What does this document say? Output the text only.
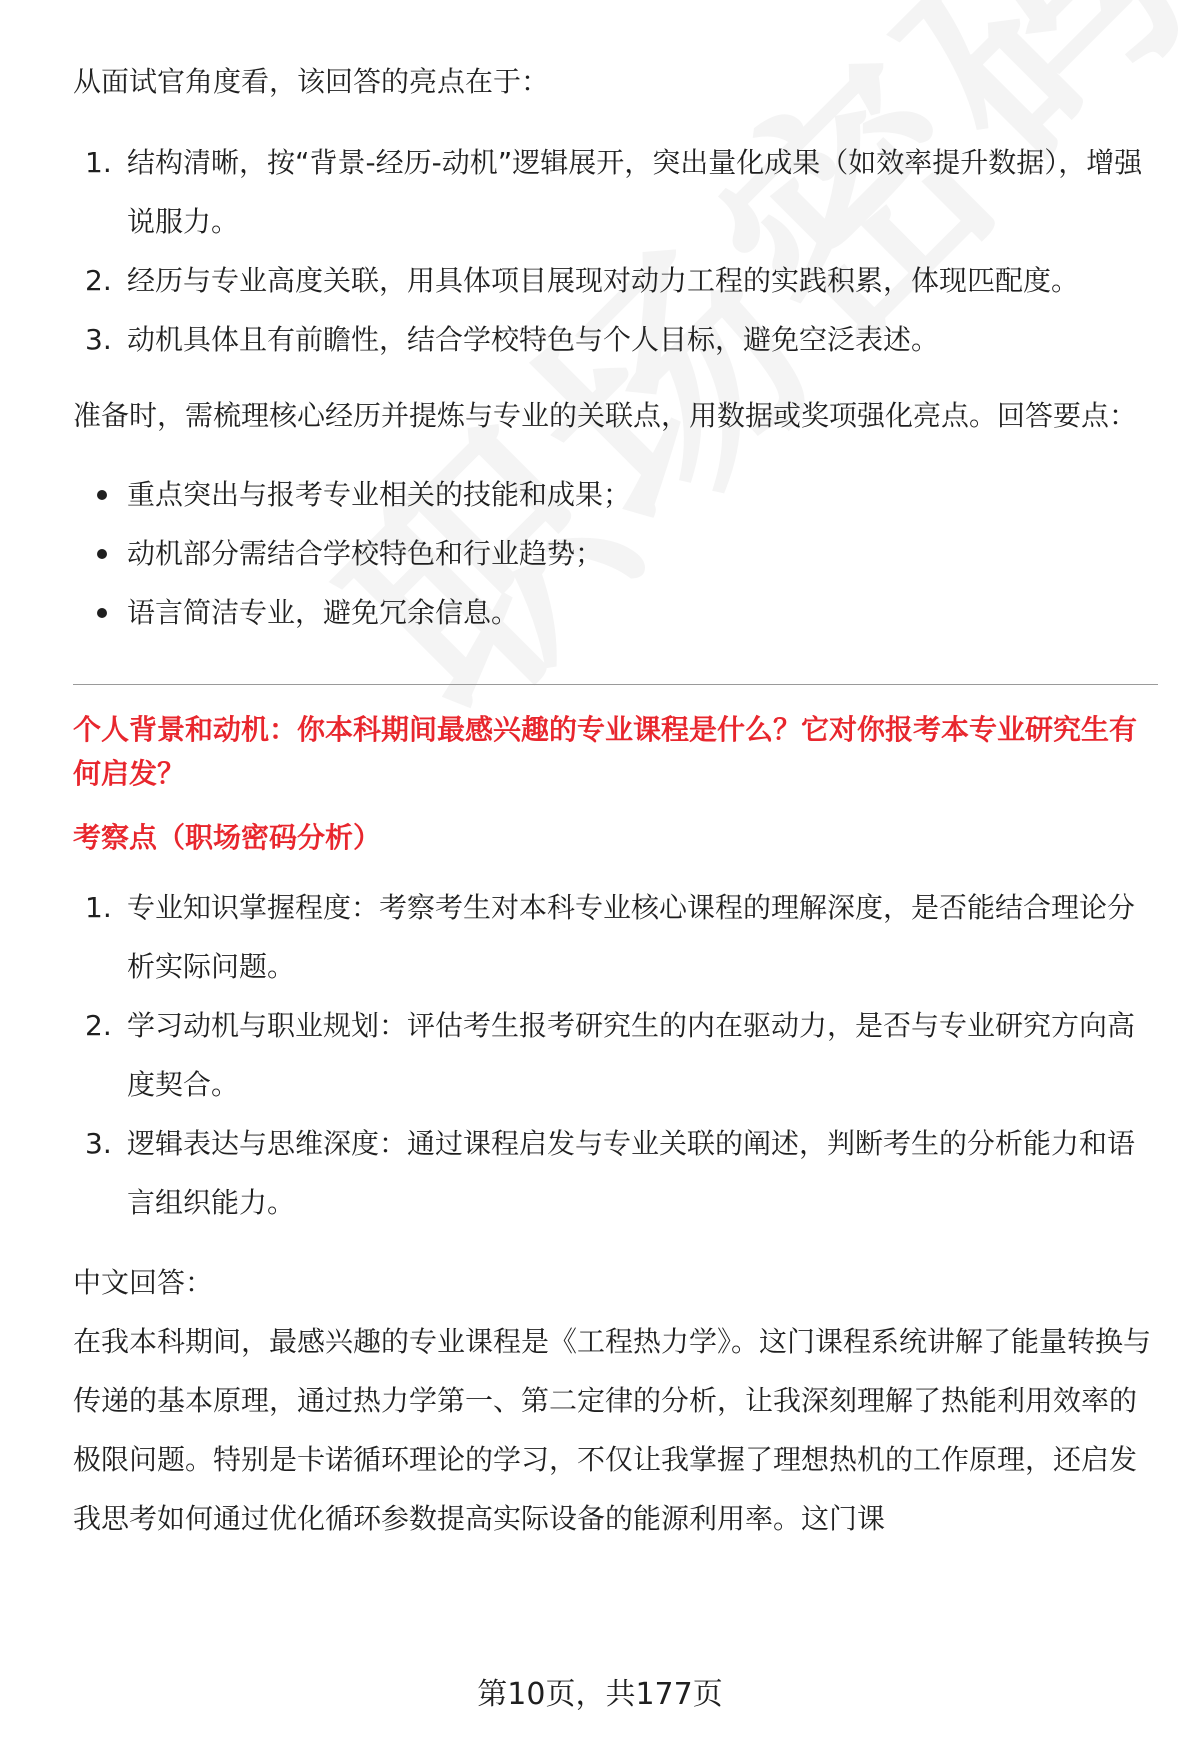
从面试官角度看，该回答的亮点在于：

1. 结构清晰，按“背景-经历-动机”逻辑展开，突出量化成果（如效率提升数据），增强说服力。
2. 经历与专业高度关联，用具体项目展现对动力工程的实践积累，体现匹配度。
3. 动机具体且有前瞻性，结合学校特色与个人目标，避免空泛表述。

准备时，需梳理核心经历并提炼与专业的关联点，用数据或奖项强化亮点。回答要点：

重点突出与报考专业相关的技能和成果；
动机部分需结合学校特色和行业趋势；
语言简洁专业，避免冗余信息。

个人背景和动机：你本科期间最感兴趣的专业课程是什么？它对你报考本专业研究生有何启发？

考察点（职场密码分析）

1. 专业知识掌握程度：考察考生对本科专业核心课程的理解深度，是否能结合理论分析实际问题。
2. 学习动机与职业规划：评估考生报考研究生的内在驱动力，是否与专业研究方向高度契合。
3. 逻辑表达与思维深度：通过课程启发与专业关联的阐述，判断考生的分析能力和语言组织能力。

中文回答：

在我本科期间，最感兴趣的专业课程是《工程热力学》。这门课程系统讲解了能量转换与传递的基本原理，通过热力学第一、第二定律的分析，让我深刻理解了热能利用效率的极限问题。特别是卡诺循环理论的学习，不仅让我掌握了理想热机的工作原理，还启发我思考如何通过优化循环参数提高实际设备的能源利用率。这门课

第10页，共177页
